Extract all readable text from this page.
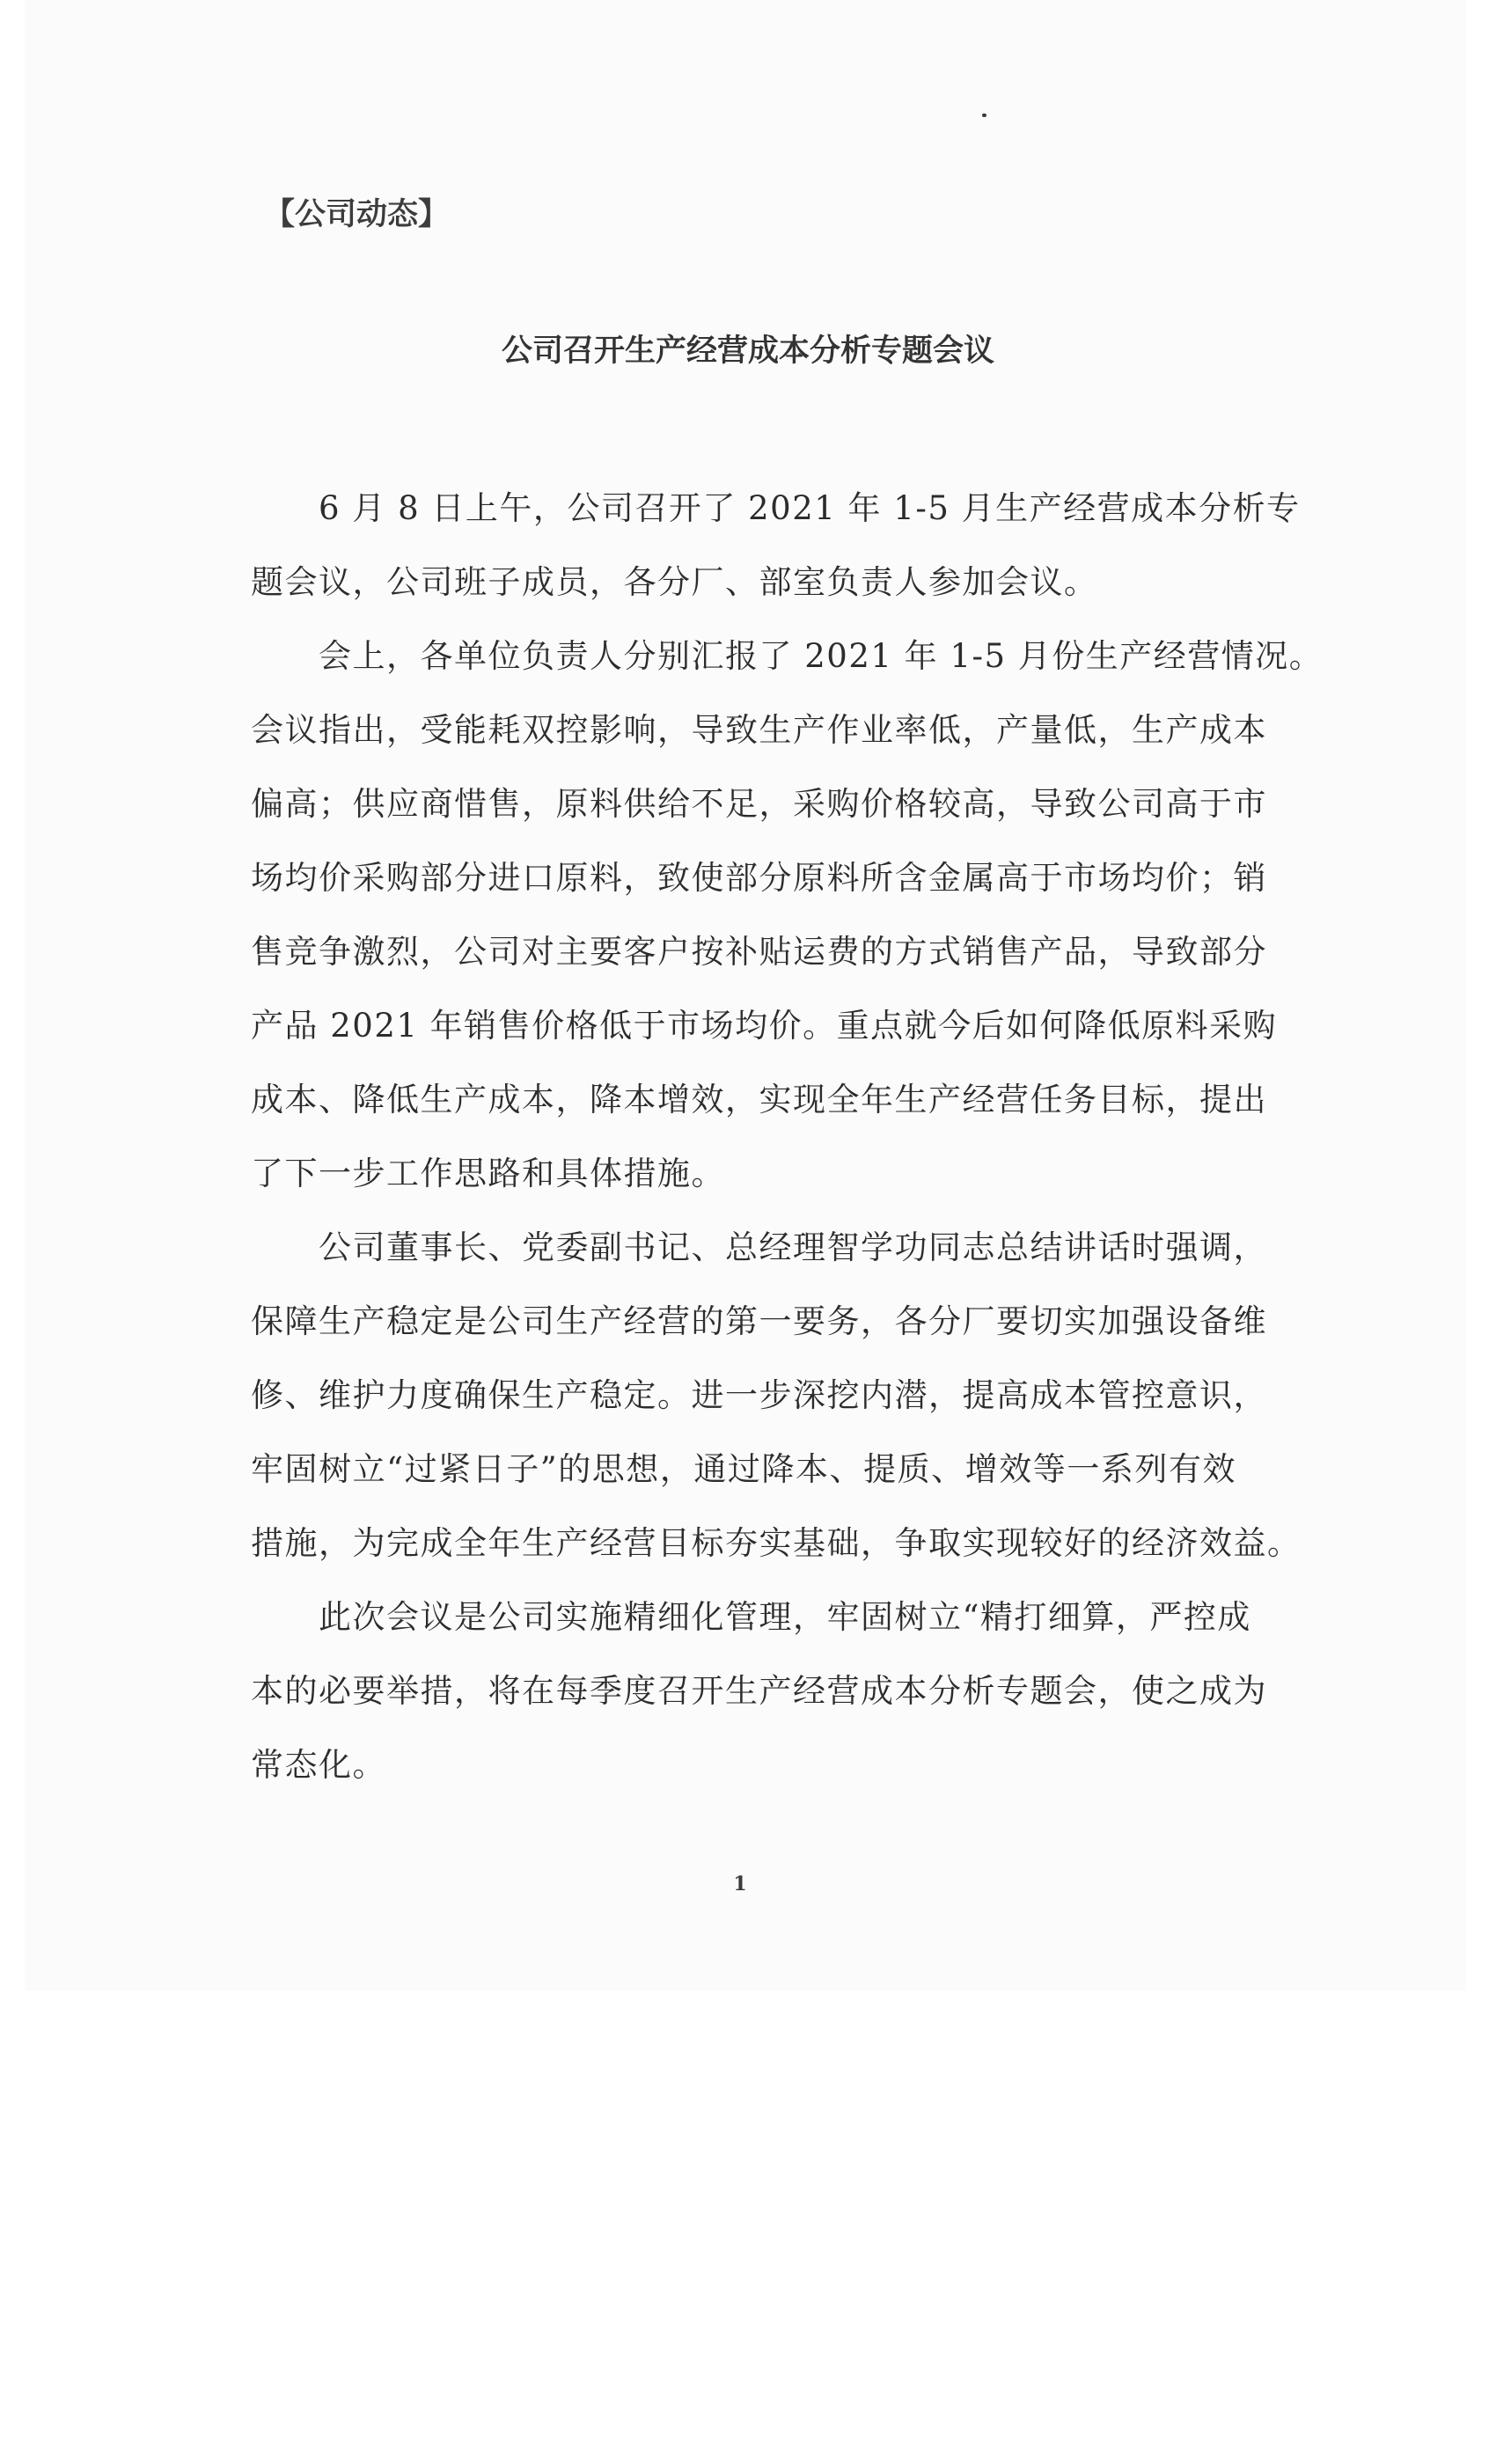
【公司动态】
公司召开生产经营成本分析专题会议
6 月 8 日上午，公司召开了 2021 年 1-5 月生产经营成本分析专
题会议，公司班子成员，各分厂、部室负责人参加会议。
会上，各单位负责人分别汇报了 2021 年 1-5 月份生产经营情况。
会议指出，受能耗双控影响，导致生产作业率低，产量低，生产成本
偏高；供应商惜售，原料供给不足，采购价格较高，导致公司高于市
场均价采购部分进口原料，致使部分原料所含金属高于市场均价；销
售竞争激烈，公司对主要客户按补贴运费的方式销售产品，导致部分
产品 2021 年销售价格低于市场均价。重点就今后如何降低原料采购
成本、降低生产成本，降本增效，实现全年生产经营任务目标，提出
了下一步工作思路和具体措施。
公司董事长、党委副书记、总经理智学功同志总结讲话时强调，
保障生产稳定是公司生产经营的第一要务，各分厂要切实加强设备维
修、维护力度确保生产稳定。进一步深挖内潜，提高成本管控意识，
牢固树立“过紧日子”的思想，通过降本、提质、增效等一系列有效
措施，为完成全年生产经营目标夯实基础，争取实现较好的经济效益。
此次会议是公司实施精细化管理，牢固树立“精打细算，严控成
本的必要举措，将在每季度召开生产经营成本分析专题会，使之成为
常态化。
1
